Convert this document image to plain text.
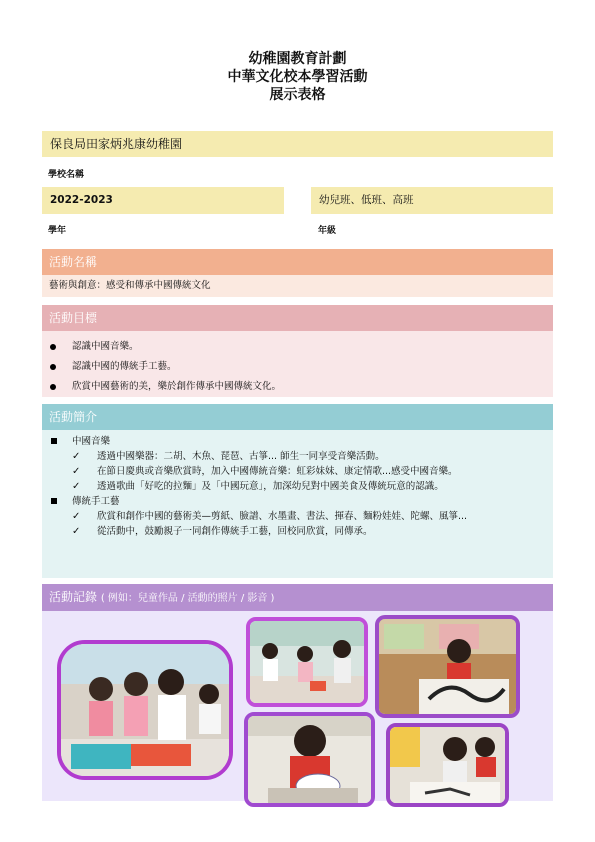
幼稚園教育計劃
中華文化校本學習活動
展示表格
保良局田家炳兆康幼稚園
學校名稱
2022-2023	幼兒班、低班、高班
學年	年級
活動名稱
藝術與創意：感受和傳承中國傳統文化
活動目標
認識中國音樂。
認識中國的傳統手工藝。
欣賞中國藝術的美，樂於創作傳承中國傳統文化。
活動簡介
中國音樂
✓ 透過中國樂器：二胡、木魚、琵琶、古箏... 師生一同享受音樂活動。
✓ 在節日慶典或音樂欣賞時，加入中國傳統音樂：虹彩妹妹、康定情歌...感受中國音樂。
✓ 透過歌曲「好吃的拉麵」及「中國玩意」，加深幼兒對中國美食及傳統玩意的認識。
傳統手工藝
✓ 欣賞和創作中國的藝術美—剪紙、臉譜、水墨畫、書法、揮春、麵粉娃娃、陀螺、風箏...
✓ 從活動中，鼓勵親子一同創作傳統手工藝，回校同欣賞，同傳承。
活動記錄 ( 例如：兒童作品 / 活動的照片 / 影音 )
